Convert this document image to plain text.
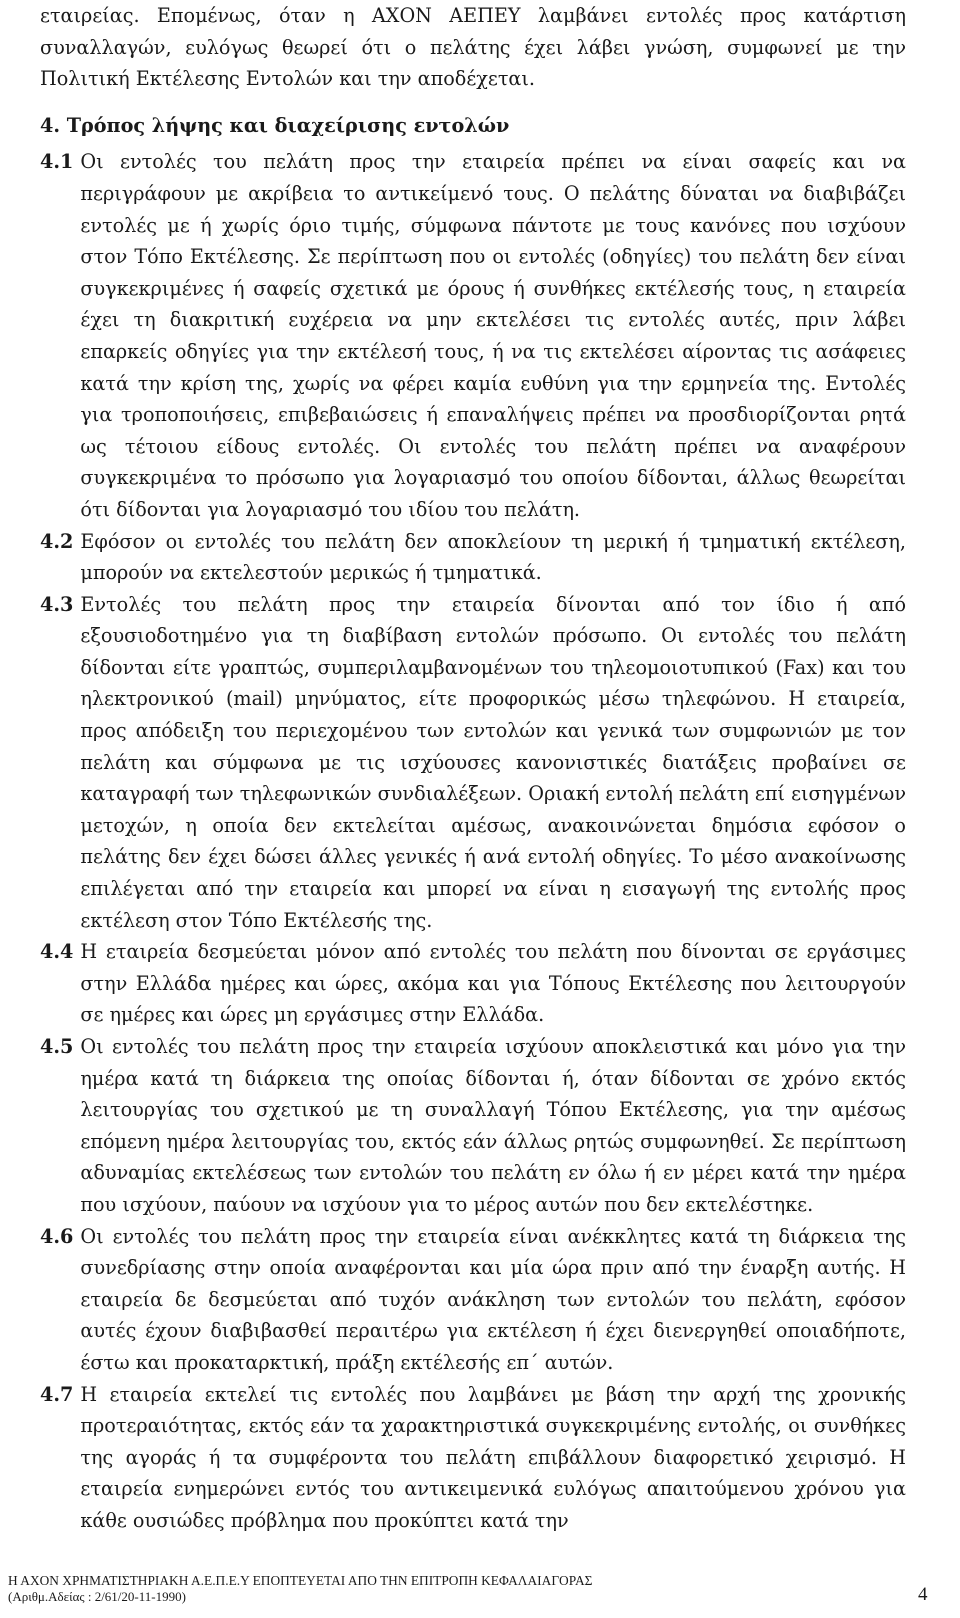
εταιρείας. Επομένως, όταν η ΑΧΟΝ ΑΕΠΕΥ λαμβάνει εντολές προς κατάρτιση συναλλαγών, ευλόγως θεωρεί ότι ο πελάτης έχει λάβει γνώση, συμφωνεί με την Πολιτική Εκτέλεσης Εντολών και την αποδέχεται.

4. Τρόπος λήψης και διαχείρισης εντολών
4.1 Οι εντολές του πελάτη προς την εταιρεία πρέπει να είναι σαφείς και να περιγράφουν με ακρίβεια το αντικείμενό τους. Ο πελάτης δύναται να διαβιβάζει εντολές με ή χωρίς όριο τιμής, σύμφωνα πάντοτε με τους κανόνες που ισχύουν στον Τόπο Εκτέλεσης. Σε περίπτωση που οι εντολές (οδηγίες) του πελάτη δεν είναι συγκεκριμένες ή σαφείς σχετικά με όρους ή συνθήκες εκτέλεσής τους, η εταιρεία έχει τη διακριτική ευχέρεια να μην εκτελέσει τις εντολές αυτές, πριν λάβει επαρκείς οδηγίες για την εκτέλεσή τους, ή να τις εκτελέσει αίροντας τις ασάφειες κατά την κρίση της, χωρίς να φέρει καμία ευθύνη για την ερμηνεία της. Εντολές για τροποποιήσεις, επιβεβαιώσεις ή επαναλήψεις πρέπει να προσδιορίζονται ρητά ως τέτοιου είδους εντολές. Οι εντολές του πελάτη πρέπει να αναφέρουν συγκεκριμένα το πρόσωπο για λογαριασμό του οποίου δίδονται, άλλως θεωρείται ότι δίδονται για λογαριασμό του ιδίου του πελάτη.

4.2 Εφόσον οι εντολές του πελάτη δεν αποκλείουν τη μερική ή τμηματική εκτέλεση, μπορούν να εκτελεστούν μερικώς ή τμηματικά.

4.3 Εντολές του πελάτη προς την εταιρεία δίνονται από τον ίδιο ή από εξουσιοδοτημένο για τη διαβίβαση εντολών πρόσωπο. Οι εντολές του πελάτη δίδονται είτε γραπτώς, συμπεριλαμβανομένων του τηλεομοιοτυπικού (Fax) και του ηλεκτρονικού (mail) μηνύματος, είτε προφορικώς μέσω τηλεφώνου. Η εταιρεία, προς απόδειξη του περιεχομένου των εντολών και γενικά των συμφωνιών με τον πελάτη και σύμφωνα με τις ισχύουσες κανονιστικές διατάξεις προβαίνει σε καταγραφή των τηλεφωνικών συνδιαλέξεων. Οριακή εντολή πελάτη επί εισηγμένων μετοχών, η οποία δεν εκτελείται αμέσως, ανακοινώνεται δημόσια εφόσον ο πελάτης δεν έχει δώσει άλλες γενικές ή ανά εντολή οδηγίες. Το μέσο ανακοίνωσης επιλέγεται από την εταιρεία και μπορεί να είναι η εισαγωγή της εντολής προς εκτέλεση στον Τόπο Εκτέλεσής της.

4.4 Η εταιρεία δεσμεύεται μόνον από εντολές του πελάτη που δίνονται σε εργάσιμες στην Ελλάδα ημέρες και ώρες, ακόμα και για Τόπους Εκτέλεσης που λειτουργούν σε ημέρες και ώρες μη εργάσιμες στην Ελλάδα.

4.5 Οι εντολές του πελάτη προς την εταιρεία ισχύουν αποκλειστικά και μόνο για την ημέρα κατά τη διάρκεια της οποίας δίδονται ή, όταν δίδονται σε χρόνο εκτός λειτουργίας του σχετικού με τη συναλλαγή Τόπου Εκτέλεσης, για την αμέσως επόμενη ημέρα λειτουργίας του, εκτός εάν άλλως ρητώς συμφωνηθεί. Σε περίπτωση αδυναμίας εκτελέσεως των εντολών του πελάτη εν όλω ή εν μέρει κατά την ημέρα που ισχύουν, παύουν να ισχύουν για το μέρος αυτών που δεν εκτελέστηκε.

4.6 Οι εντολές του πελάτη προς την εταιρεία είναι ανέκκλητες κατά τη διάρκεια της συνεδρίασης στην οποία αναφέρονται και μία ώρα πριν από την έναρξη αυτής. Η εταιρεία δε δεσμεύεται από τυχόν ανάκληση των εντολών του πελάτη, εφόσον αυτές έχουν διαβιβασθεί περαιτέρω για εκτέλεση ή έχει διενεργηθεί οποιαδήποτε, έστω και προκαταρκτική, πράξη εκτέλεσής επ΄ αυτών.

4.7 Η εταιρεία εκτελεί τις εντολές που λαμβάνει με βάση την αρχή της χρονικής προτεραιότητας, εκτός εάν τα χαρακτηριστικά συγκεκριμένης εντολής, οι συνθήκες της αγοράς ή τα συμφέροντα του πελάτη επιβάλλουν διαφορετικό χειρισμό. Η εταιρεία ενημερώνει εντός του αντικειμενικά ευλόγως απαιτούμενου χρόνου για κάθε ουσιώδες πρόβλημα που προκύπτει κατά την

Η ΑΧΟΝ ΧΡΗΜΑΤΙΣΤΗΡΙΑΚΗ Α.Ε.Π.Ε.Υ ΕΠΟΠΤΕΥΕΤΑΙ ΑΠΟ ΤΗΝ ΕΠΙΤΡΟΠΗ ΚΕΦΑΛΑΙΑΓΟΡΑΣ
(Αριθμ.Αδείας : 2/61/20-11-1990)	4
